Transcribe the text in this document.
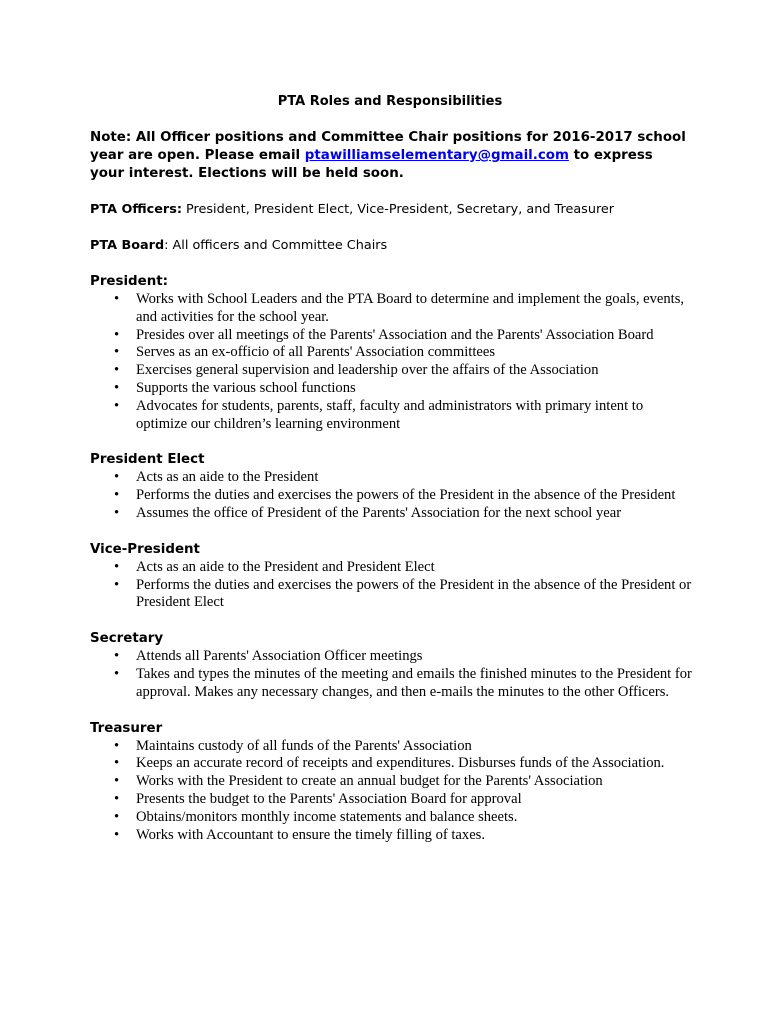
PTA Roles and Responsibilities

Note: All Officer positions and Committee Chair positions for 2016-2017 school year are open. Please email ptawilliamselementary@gmail.com to express your interest. Elections will be held soon.

PTA Officers: President, President Elect, Vice-President, Secretary, and Treasurer

PTA Board: All officers and Committee Chairs

President:

• Works with School Leaders and the PTA Board to determine and implement the goals, events, and activities for the school year.
• Presides over all meetings of the Parents' Association and the Parents' Association Board
• Serves as an ex-officio of all Parents' Association committees
• Exercises general supervision and leadership over the affairs of the Association
• Supports the various school functions
• Advocates for students, parents, staff, faculty and administrators with primary intent to optimize our children’s learning environment

President Elect

• Acts as an aide to the President
• Performs the duties and exercises the powers of the President in the absence of the President
• Assumes the office of President of the Parents' Association for the next school year

Vice-President

• Acts as an aide to the President and President Elect
• Performs the duties and exercises the powers of the President in the absence of the President or President Elect

Secretary

• Attends all Parents' Association Officer meetings
• Takes and types the minutes of the meeting and emails the finished minutes to the President for approval. Makes any necessary changes, and then e-mails the minutes to the other Officers.

Treasurer

• Maintains custody of all funds of the Parents' Association
• Keeps an accurate record of receipts and expenditures. Disburses funds of the Association.
• Works with the President to create an annual budget for the Parents' Association
• Presents the budget to the Parents' Association Board for approval
• Obtains/monitors monthly income statements and balance sheets.
• Works with Accountant to ensure the timely filling of taxes.
